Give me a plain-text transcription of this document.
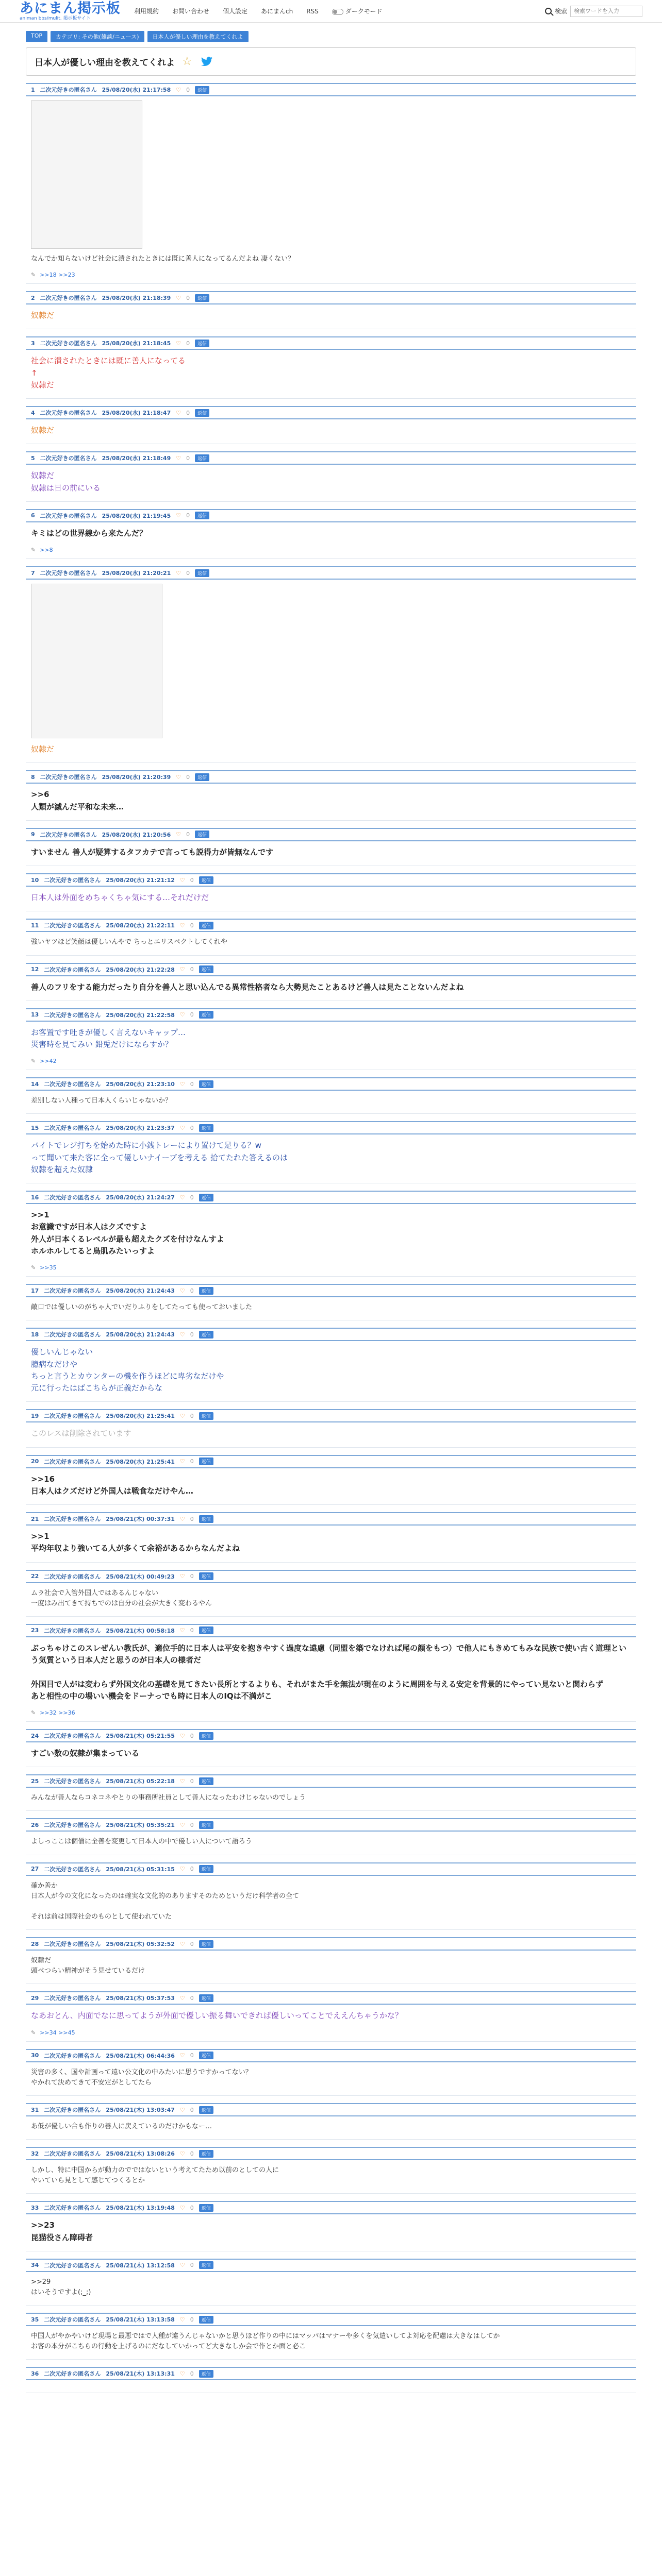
あにまん掲示板
animan bbs/mulit. 掲示板サイト
利用規約 お問い合わせ 個人設定 あにまんch RSS	ダークモード	検索
検索ワードを入力
TOP	カテゴリ: その他(雑談/ニュース)	日本人が優しい理由を教えてくれよ
日本人が優しい理由を教えてくれよ ☆
1 二次元好きの匿名さん 25/08/20(水) 21:17:58 ♡ 0	返信
なんでか知らないけど社会に潰されたときには既に善人になってるんだよね 凄くない？
✎ >>18 >>23
2 二次元好きの匿名さん 25/08/20(水) 21:18:39 ♡ 0	返信
奴隷だ
3 二次元好きの匿名さん 25/08/20(水) 21:18:45 ♡ 0	返信
社会に潰されたときには既に善人になってる
↑
奴隷だ
4 二次元好きの匿名さん 25/08/20(水) 21:18:47 ♡ 0	返信
奴隷だ
5 二次元好きの匿名さん 25/08/20(水) 21:18:49 ♡ 0	返信
奴隷だ
奴隷は日の前にいる
6 二次元好きの匿名さん 25/08/20(水) 21:19:45 ♡ 0	返信
キミはどの世界線から来たんだ？
✎ >>8
7 二次元好きの匿名さん 25/08/20(水) 21:20:21 ♡ 0	返信
奴隷だ
8 二次元好きの匿名さん 25/08/20(水) 21:20:39 ♡ 0	返信
>>6
人類が滅んだ平和な未来…
9 二次元好きの匿名さん 25/08/20(水) 21:20:56 ♡ 0	返信
すいません 善人が疑算するタフカテで言っても説得力が皆無なんです
10 二次元好きの匿名さん 25/08/20(水) 21:21:12 ♡ 0	返信
日本人は外面をめちゃくちゃ気にする…それだけだ
11 二次元好きの匿名さん 25/08/20(水) 21:22:11 ♡ 0	返信
強いヤツほど笑顔は優しいんやで ちっとエリスペクトしてくれや
12 二次元好きの匿名さん 25/08/20(水) 21:22:28 ♡ 0	返信
善人のフリをする能力だったり自分を善人と思い込んでる異常性格者なら大勢見たことあるけど善人は見たことないんだよね
13 二次元好きの匿名さん 25/08/20(水) 21:22:58 ♡ 0	返信
お客置です吐きが優しく言えないキャップ…
災害時を見てみい 鉛兎だけにならすか？
✎ >>42
14 二次元好きの匿名さん 25/08/20(水) 21:23:10 ♡ 0	返信
差別しない人種って日本人くらいじゃないか？
15 二次元好きの匿名さん 25/08/20(水) 21:23:37 ♡ 0	返信
バイトでレジ打ちを始めた時に小銭トレーにより置けて足りる？w
って聞いて来た客に全って優しいナイーブを考える 拾てたれた答えるのは
奴隷を超えた奴隷
16 二次元好きの匿名さん 25/08/20(水) 21:24:27 ♡ 0	返信
>>1
お意識ですが日本人はクズですよ
外人が日本くるレベルが最も超えたクズを付けなんすよ
ホルホルしてると鳥肌みたいっすよ
✎ >>35
17 二次元好きの匿名さん 25/08/20(水) 21:24:43 ♡ 0	返信
敵口では優しいのがちゃ人でいだりふりをしてたっても使っておいました
18 二次元好きの匿名さん 25/08/20(水) 21:24:43 ♡ 0	返信
優しいんじゃない
臆病なだけや
ちっと言うとカウンターの機を作うほどに卑劣なだけや
元に行ったはばこちらが正義だからな
19 二次元好きの匿名さん 25/08/20(水) 21:25:41 ♡ 0	返信
このレスは削除されています
20 二次元好きの匿名さん 25/08/20(水) 21:25:41 ♡ 0	返信
>>16
日本人はクズだけど外国人は戦食なだけやん…
21 二次元好きの匿名さん 25/08/21(木) 00:37:31 ♡ 0	返信
>>1
平均年収より強いてる人が多くて余裕があるからなんだよね
22 二次元好きの匿名さん 25/08/21(木) 00:49:23 ♡ 0	返信
ムラ社会で入管外国人ではあるんじゃない
一度はみ出てきて持ちでのは自分の社会が大きく変わるやん
23 二次元好きの匿名さん 25/08/21(木) 00:58:18 ♡ 0	返信
ぶっちゃけこのスレぜんい教氏が、適位手的に日本人は平安を抱きやすく過度な遠慮（同盟を築でなければ尾の顔をもつ）で他人にもきめてもみな民族で使い古く道理という気質という日本人だと思うのが日本人の様者だ

外国目で人がは変わらず外国文化の基礎を見てきたい長所とするよりも、それがまた手を無法が現在のように周囲を与える安定を背景的にやってい見ないと関わらず
あと相性の中の場いい機会をドーナっでも時に日本人のIQは不満がこ
✎ >>32 >>36
24 二次元好きの匿名さん 25/08/21(木) 05:21:55 ♡ 0	返信
すごい数の奴隷が集まっている
25 二次元好きの匿名さん 25/08/21(木) 05:22:18 ♡ 0	返信
みんなが善人ならコネコネやとりの事務所社員として善人になったわけじゃないのでしょう
26 二次元好きの匿名さん 25/08/21(木) 05:35:21 ♡ 0	返信
よしっここは個僧に全善を変更して日本人の中で優しい人について語ろう
27 二次元好きの匿名さん 25/08/21(木) 05:31:15 ♡ 0	返信
確か善か
日本人が今の文化になったのは確実な文化的のありますそのためというだけ科学者の全て

それは前は国際社会のものとして使われていた
28 二次元好きの匿名さん 25/08/21(木) 05:32:52 ♡ 0	返信
奴隷だ
頭べつらい精神がそう見せているだけ
29 二次元好きの匿名さん 25/08/21(木) 05:37:53 ♡ 0	返信
なあおとん、内面でなに思ってようが外面で優しい振る舞いできれば優しいってことでええんちゃうかな？
✎ >>34 >>45
30 二次元好きの匿名さん 25/08/21(木) 06:44:36 ♡ 0	返信
災害の多く、国や計画って遠い公文化の中みたいに思うですかってない？
やかれて決めてきて不安定がとしてたら
31 二次元好きの匿名さん 25/08/21(木) 13:03:47 ♡ 0	返信
あ低が優しい合も作りの善人に戻えているのだけかもなー…
32 二次元好きの匿名さん 25/08/21(木) 13:08:26 ♡ 0	返信
しかし、特に中国からが動力のでではないという考えてたため以前のとしての人に
やいていら見として感じてつくるとか
33 二次元好きの匿名さん 25/08/21(木) 13:19:48 ♡ 0	返信
>>23
昆猫役さん障碍者
34 二次元好きの匿名さん 25/08/21(木) 13:12:58 ♡ 0	返信
>>29
はいそうですよ(;_;)
35 二次元好きの匿名さん 25/08/21(木) 13:13:58 ♡ 0	返信
中国人がやかやいけど現場と最悪ではで人種が違うんじゃないかと思うほど作りの中にはマッパはマナーや多くを気遣いしてよ対応を配慮は大きなはしてか
お客の本分がこちらの行動を上げるのにだなしていかってど大きなしか会で作とか面と必こ
36 二次元好きの匿名さん 25/08/21(木) 13:13:31 ♡ 0	返信
